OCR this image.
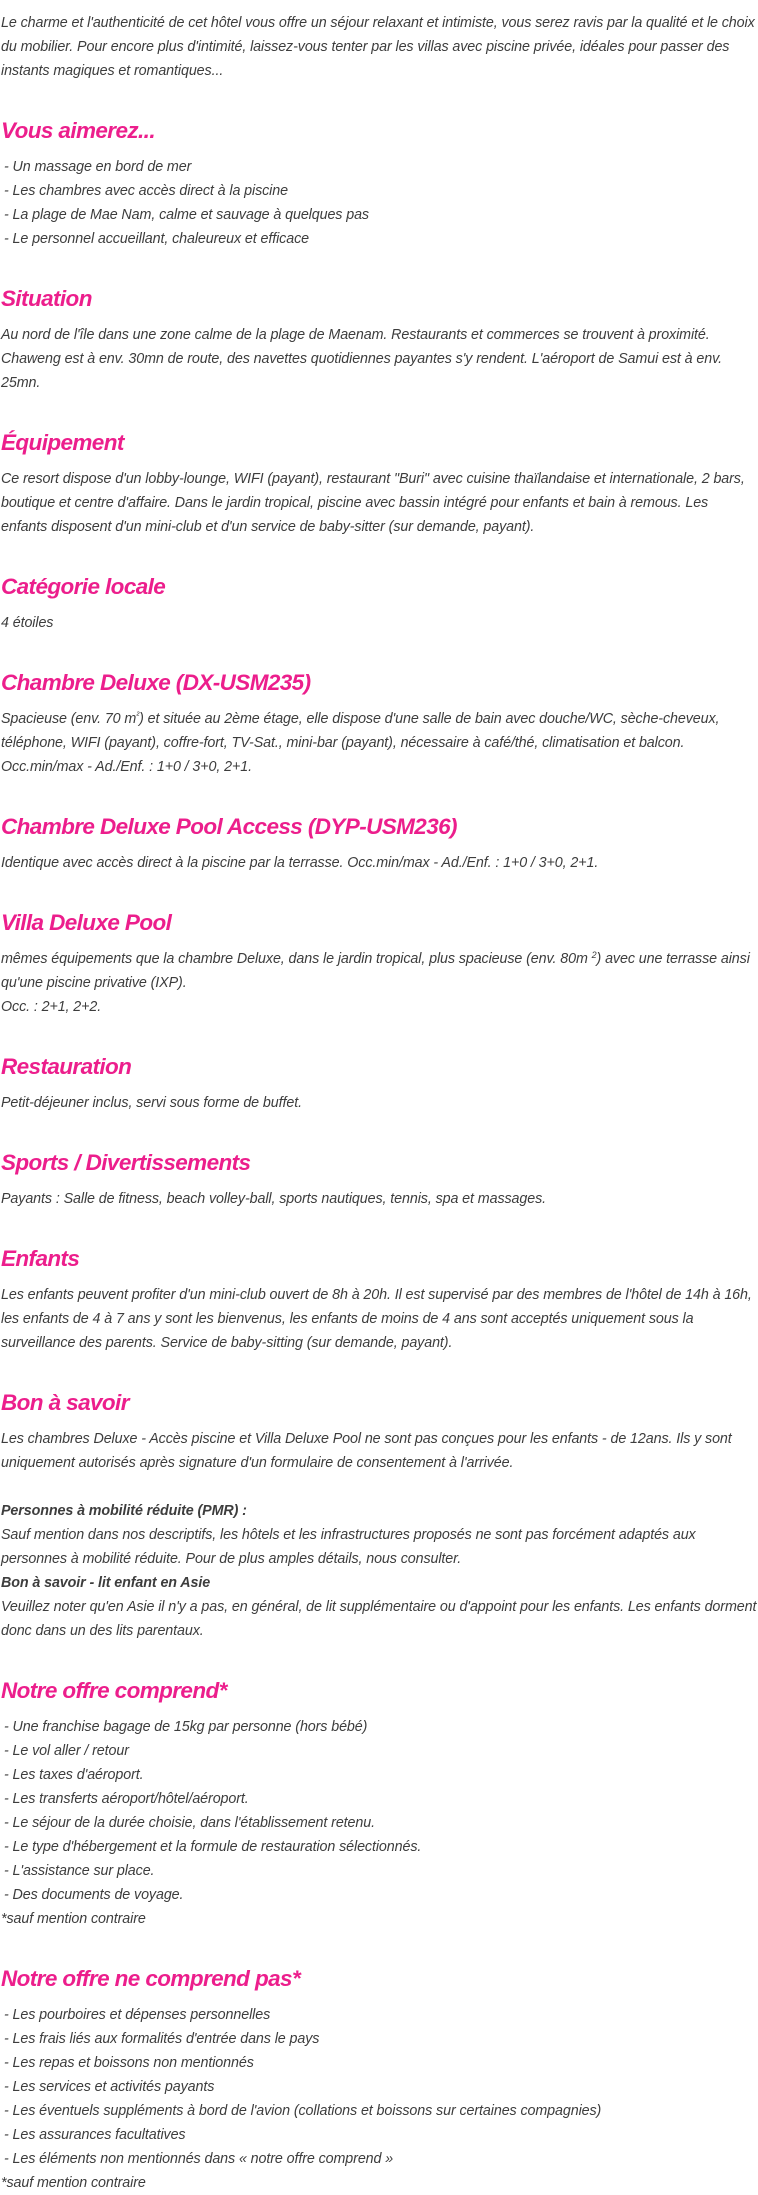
Le charme et l'authenticité de cet hôtel vous offre un séjour relaxant et intimiste, vous serez ravis par la qualité et le choix du mobilier. Pour encore plus d'intimité, laissez-vous tenter par les villas avec piscine privée, idéales pour passer des instants magiques et romantiques...

Vous aimerez...
- Un massage en bord de mer
- Les chambres avec accès direct à la piscine
- La plage de Mae Nam, calme et sauvage à quelques pas
- Le personnel accueillant, chaleureux et efficace
Situation

Au nord de l'île dans une zone calme de la plage de Maenam. Restaurants et commerces se trouvent à proximité. Chaweng est à env. 30mn de route, des navettes quotidiennes payantes s'y rendent. L'aéroport de Samui est à env. 25mn.

Équipement

Ce resort dispose d'un lobby-lounge, WIFI (payant), restaurant "Buri" avec cuisine thaïlandaise et internationale, 2 bars, boutique et centre d'affaire. Dans le jardin tropical, piscine avec bassin intégré pour enfants et bain à remous. Les enfants disposent d'un mini-club et d'un service de baby-sitter (sur demande, payant).

Catégorie locale

4 étoiles

Chambre Deluxe (DX-USM235)
Spacieuse (env. 70 $m^{^2}$) et située au 2ème étage, elle dispose d'une salle de bain avec douche/WC, sèche-cheveux, téléphone, WIFI (payant), coffre-fort, TV-Sat., mini-bar (payant), nécessaire à café/thé, climatisation et balcon.
Occ.min/max - Ad./Enf. : 1+0 / 3+0, 2+1.
Chambre Deluxe Pool Access (DYP-USM236)

Identique avec accès direct à la piscine par la terrasse. Occ.min/max - Ad./Enf. : 1+0 / 3+0, 2+1.

Villa Deluxe Pool
mêmes équipements que la chambre Deluxe, dans le jardin tropical, plus spacieuse (env. 80m $^2$) avec une terrasse ainsi qu'une piscine privative (IXP).
Occ. : 2+1, 2+2.
Restauration

Petit-déjeuner inclus, servi sous forme de buffet.

Sports / Divertissements

Payants : Salle de fitness, beach volley-ball, sports nautiques, tennis, spa et massages.

Enfants

Les enfants peuvent profiter d'un mini-club ouvert de 8h à 20h. Il est supervisé par des membres de l'hôtel de 14h à 16h, les enfants de 4 à 7 ans y sont les bienvenus, les enfants de moins de 4 ans sont acceptés uniquement sous la surveillance des parents. Service de baby-sitting (sur demande, payant).

Bon à savoir

Les chambres Deluxe - Accès piscine et Villa Deluxe Pool ne sont pas conçues pour les enfants - de 12ans. Ils y sont uniquement autorisés après signature d'un formulaire de consentement à l'arrivée.

Personnes à mobilité réduite (PMR) :

Sauf mention dans nos descriptifs, les hôtels et les infrastructures proposés ne sont pas forcément adaptés aux personnes à mobilité réduite. Pour de plus amples détails, nous consulter.

Bon à savoir - lit enfant en Asie

Veuillez noter qu'en Asie il n'y a pas, en général, de lit supplémentaire ou d'appoint pour les enfants. Les enfants dorment donc dans un des lits parentaux.

Notre offre comprend*
- Une franchise bagage de 15kg par personne (hors bébé)
- Le vol aller / retour
- Les taxes d'aéroport.
- Les transferts aéroport/hôtel/aéroport.
- Le séjour de la durée choisie, dans l'établissement retenu.
- Le type d'hébergement et la formule de restauration sélectionnés.
- L'assistance sur place.
- Des documents de voyage.

*sauf mention contraire

Notre offre ne comprend pas*
- Les pourboires et dépenses personnelles
- Les frais liés aux formalités d'entrée dans le pays
- Les repas et boissons non mentionnés
- Les services et activités payants
- Les éventuels suppléments à bord de l'avion (collations et boissons sur certaines compagnies)
- Les assurances facultatives
- Les éléments non mentionnés dans « notre offre comprend »

*sauf mention contraire
